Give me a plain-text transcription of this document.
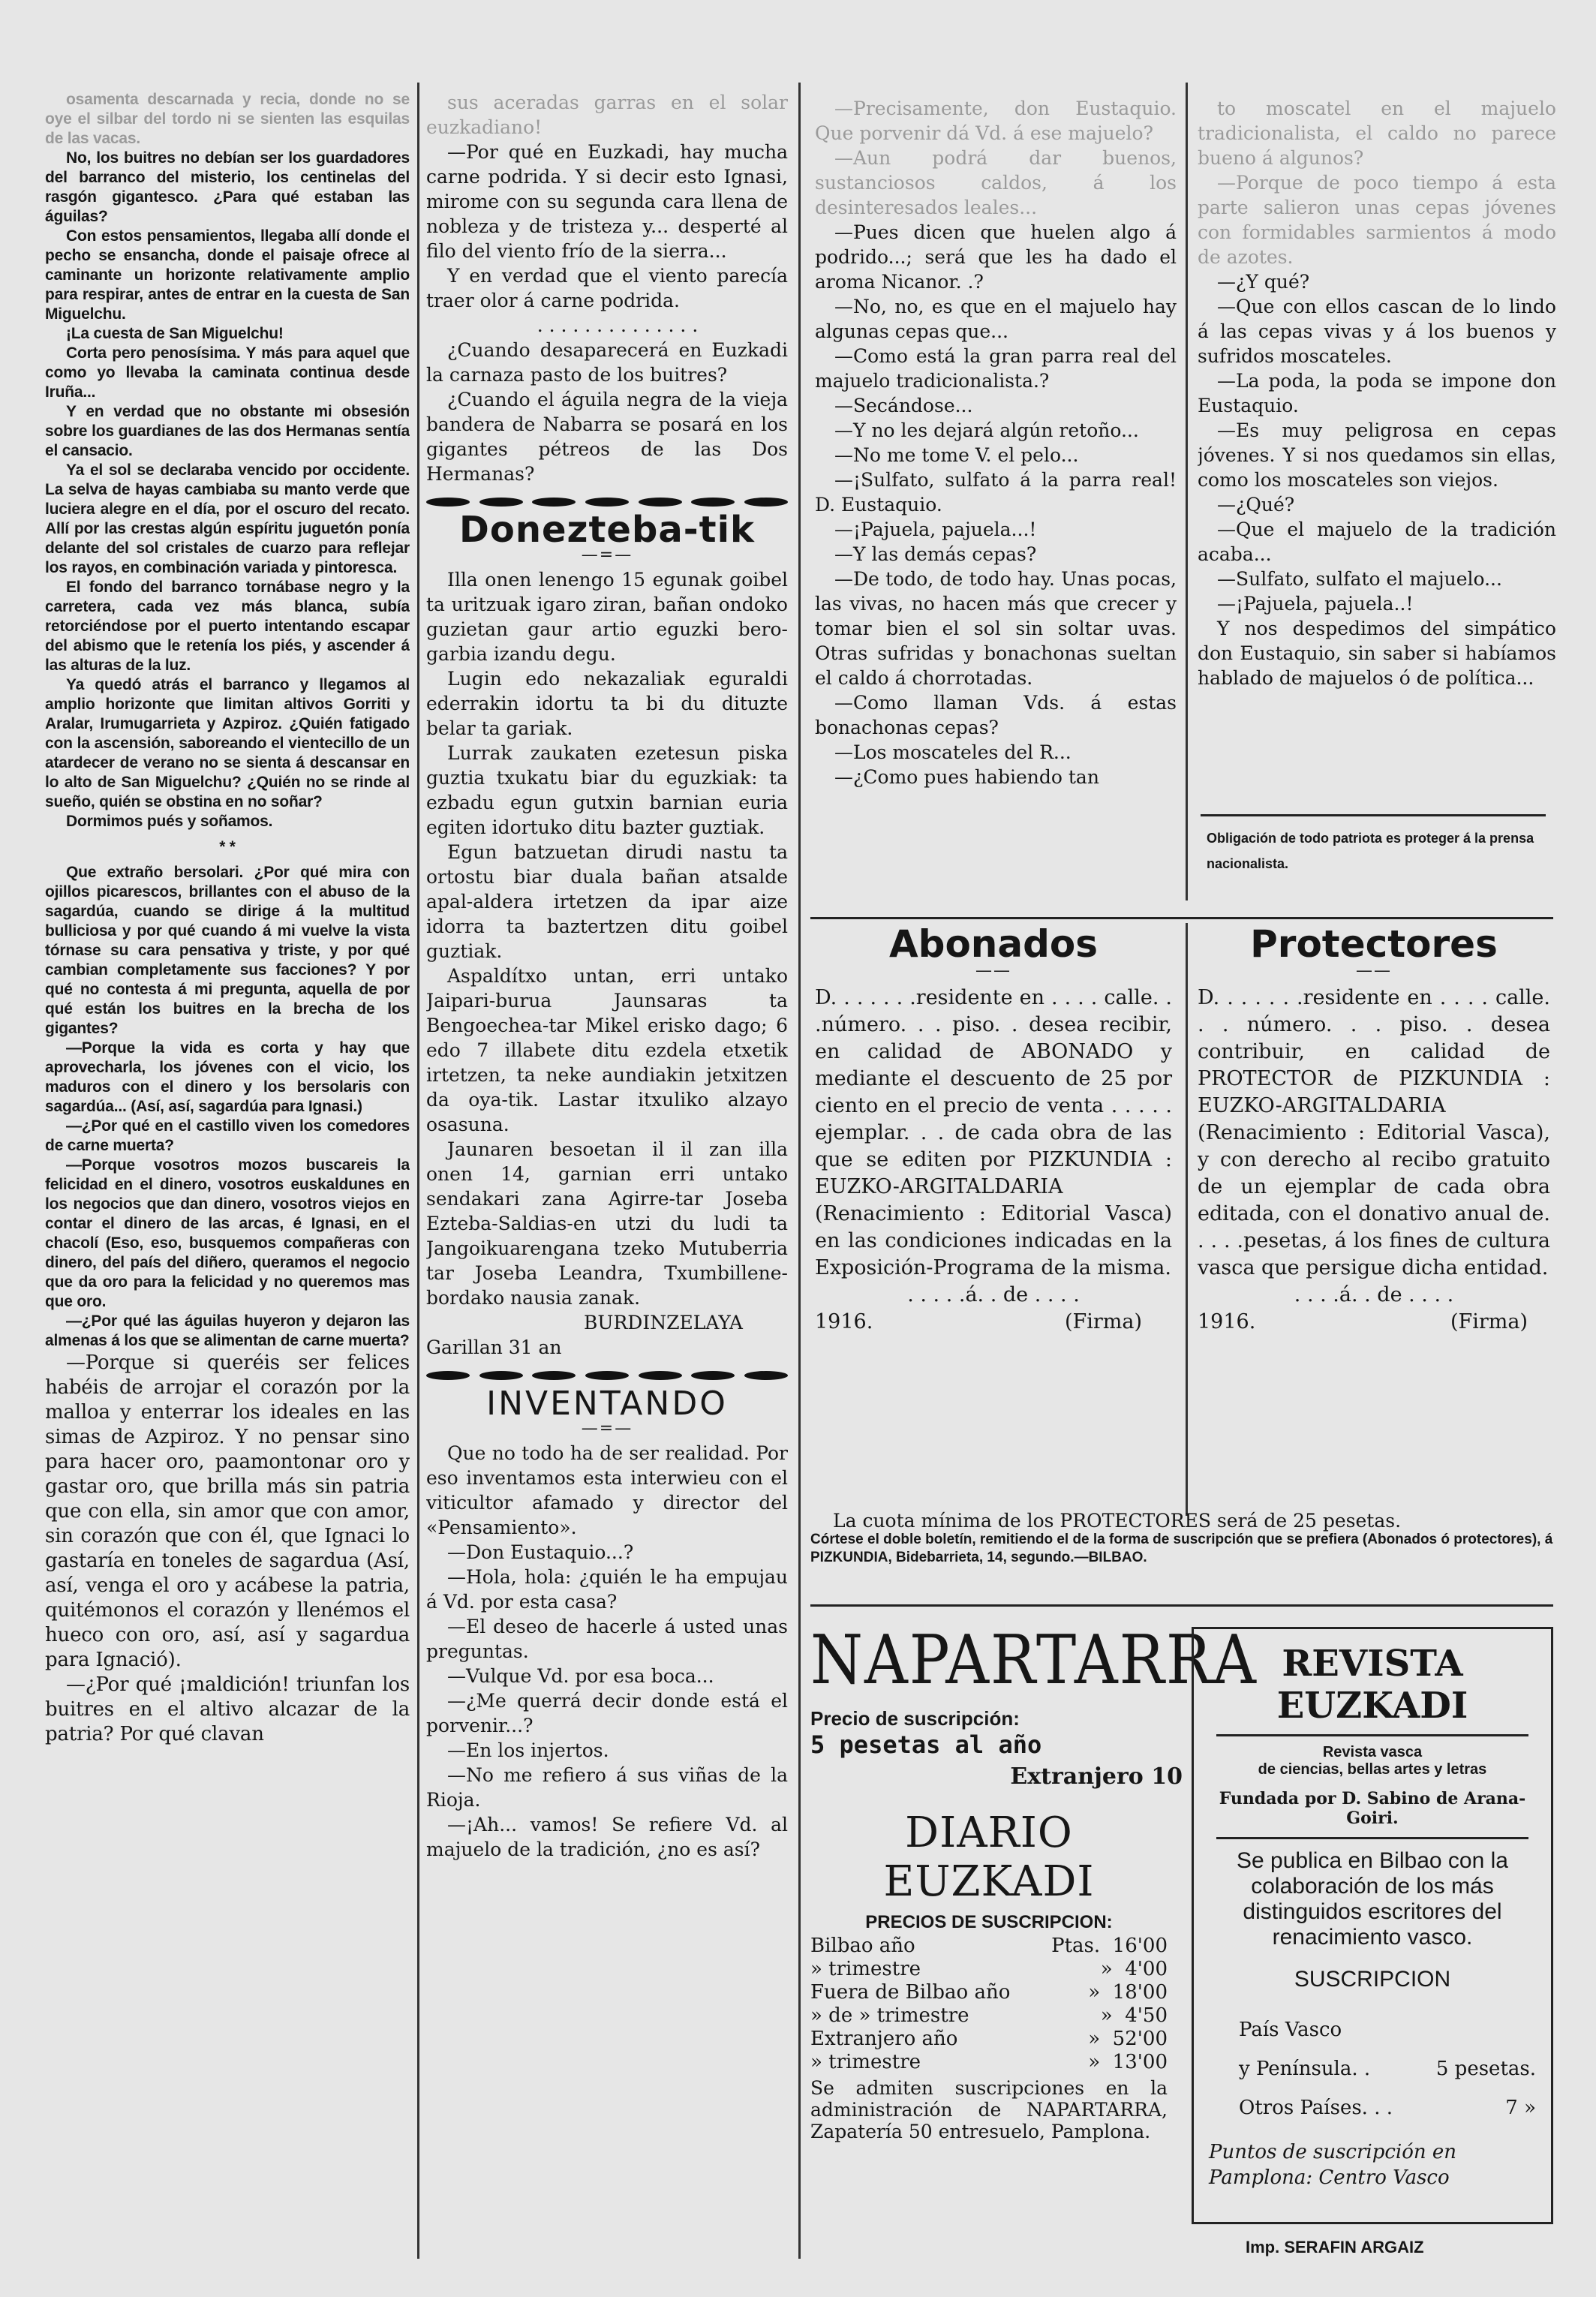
osamenta descarnada y recia, donde no se oye el silbar del tordo ni se sienten las esquilas de las vacas.

No, los buitres no debían ser los guardadores del barranco del misterio, los centinelas del rasgón gigantesco. ¿Para qué estaban las águilas?

Con estos pensamientos, llegaba allí donde el pecho se ensancha, donde el paisaje ofrece al caminante un horizonte relativamente amplio para respirar, antes de entrar en la cuesta de San Miguelchu.

¡La cuesta de San Miguelchu!

Corta pero penosísima. Y más para aquel que como yo llevaba la caminata continua desde Iruña...

Y en verdad que no obstante mi obsesión sobre los guardianes de las dos Hermanas sentía el cansacio.

Ya el sol se declaraba vencido por occidente. La selva de hayas cambiaba su manto verde que luciera alegre en el día, por el oscuro del recato. Allí por las crestas algún espíritu juguetón ponía delante del sol cristales de cuarzo para reflejar los rayos, en combinación variada y pintoresca.

El fondo del barranco tornábase negro y la carretera, cada vez más blanca, subía retorciéndose por el puerto intentando escapar del abismo que le retenía los piés, y ascender á las alturas de la luz.

Ya quedó atrás el barranco y llegamos al amplio horizonte que limitan altivos Gorriti y Aralar, Irumugarrieta y Azpiroz. ¿Quién fatigado con la ascensión, saboreando el vientecillo de un atardecer de verano no se sienta á descansar en lo alto de San Miguelchu? ¿Quién no se rinde al sueño, quién se obstina en no soñar?

Dormimos pués y soñamos.

* *

Que extraño bersolari. ¿Por qué mira con ojillos picarescos, brillantes con el abuso de la sagardúa, cuando se dirige á la multitud bulliciosa y por qué cuando á mi vuelve la vista tórnase su cara pensativa y triste, y por qué cambian completamente sus facciones? Y por qué no contesta á mi pregunta, aquella de por qué están los buitres en la brecha de los gigantes?

—Porque la vida es corta y hay que aprovecharla, los jóvenes con el vicio, los maduros con el dinero y los bersolaris con sagardúa... (Así, así, sagardúa para Ignasi.)

—¿Por qué en el castillo viven los comedores de carne muerta?

—Porque vosotros mozos buscareis la felicidad en el dinero, vosotros euskaldunes en los negocios que dan dinero, vosotros viejos en contar el dinero de las arcas, é Ignasi, en el chacolí (Eso, eso, busquemos compañeras con dinero, del país del diñero, queramos el negocio que da oro para la felicidad y no queremos mas que oro.

—¿Por qué las águilas huyeron y dejaron las almenas á los que se alimentan de carne muerta?

—Porque si queréis ser felices habéis de arrojar el corazón por la malloa y enterrar los ideales en las simas de Azpiroz. Y no pensar sino para hacer oro, paamontonar oro y gastar oro, que brilla más sin patria que con ella, sin amor que con amor, sin corazón que con él, que Ignaci lo gastaría en toneles de sagardua (Así, así, venga el oro y acábese la patria, quitémonos el corazón y llenémos el hueco con oro, así, así y sagardua para Ignació).

—¿Por qué ¡maldición! triunfan los buitres en el altivo alcazar de la patria? Por qué clavan

sus aceradas garras en el solar euzkadiano!

—Por qué en Euzkadi, hay mucha carne podrida. Y si decir esto Ignasi, mirome con su segunda cara llena de nobleza y de tristeza y... desperté al filo del viento frío de la sierra...

Y en verdad que el viento parecía traer olor á carne podrida.

. . . . . . . . . . . . . .

¿Cuando desaparecerá en Euzkadi la carnaza pasto de los buitres?

¿Cuando el águila negra de la vieja bandera de Nabarra se posará en los gigantes pétreos de las Dos Hermanas?

Donezteba-tik
—=—

Illa onen lenengo 15 egunak goibel ta uritzuak igaro ziran, bañan ondoko guzietan gaur artio eguzki bero-garbia izandu degu.

Lugin edo nekazaliak eguraldi ederrakin idortu ta bi du dituzte belar ta gariak.

Lurrak zaukaten ezetesun piska guztia txukatu biar du eguzkiak: ta ezbadu egun gutxin barnian euria egiten idortuko ditu bazter guztiak.

Egun batzuetan dirudi nastu ta ortostu biar duala bañan atsalde apal-aldera irtetzen da ipar aize idorra ta baztertzen ditu goibel guztiak.

Aspaldítxo untan, erri untako Jaipari-burua Jaunsaras ta Bengoechea-tar Mikel erisko dago; 6 edo 7 illabete ditu ezdela etxetik irtetzen, ta neke aundiakin jetxitzen da oya-tik. Lastar itxuliko alzayo osasuna.

Jaunaren besoetan il il zan illa onen 14, garnian erri untako sendakari zana Agirre-tar Joseba Ezteba-Saldias-en utzi du ludi ta Jangoikuarengana tzeko Mutuberria tar Joseba Leandra, Txumbillene-bordako nausia zanak.

BURDINZELAYA

Garillan 31 an

INVENTANDO
—=—

Que no todo ha de ser realidad. Por eso inventamos esta interwieu con el viticultor afamado y director del «Pensamiento».

—Don Eustaquio...?

—Hola, hola: ¿quién le ha empujau á Vd. por esta casa?

—El deseo de hacerle á usted unas preguntas.

—Vulque Vd. por esa boca...

—¿Me querrá decir donde está el porvenir...?

—En los injertos.

—No me refiero á sus viñas de la Rioja.

—¡Ah... vamos! Se refiere Vd. al majuelo de la tradición, ¿no es así?

—Precisamente, don Eustaquio. Que porvenir dá Vd. á ese majuelo?

—Aun podrá dar buenos, sustanciosos caldos, á los desinteresados leales...

—Pues dicen que huelen algo á podrido...; será que les ha dado el aroma Nicanor. .?

—No, no, es que en el majuelo hay algunas cepas que...

—Como está la gran parra real del majuelo tradicionalista.?

—Secándose...

—Y no les dejará algún retoño...

—No me tome V. el pelo...

—¡Sulfato, sulfato á la parra real! D. Eustaquio.

—¡Pajuela, pajuela...!

—Y las demás cepas?

—De todo, de todo hay. Unas pocas, las vivas, no hacen más que crecer y tomar bien el sol sin soltar uvas. Otras sufridas y bonachonas sueltan el caldo á chorrotadas.

—Como llaman Vds. á estas bonachonas cepas?

—Los moscateles del R...

—¿Como pues habiendo tan

to moscatel en el majuelo tradicionalista, el caldo no parece bueno á algunos?

—Porque de poco tiempo á esta parte salieron unas cepas jóvenes con formidables sarmientos á modo de azotes.

—¿Y qué?

—Que con ellos cascan de lo lindo á las cepas vivas y á los buenos y sufridos moscateles.

—La poda, la poda se impone don Eustaquio.

—Es muy peligrosa en cepas jóvenes. Y si nos quedamos sin ellas, como los moscateles son viejos.

—¿Qué?

—Que el majuelo de la tradición acaba...

—Sulfato, sulfato el majuelo...

—¡Pajuela, pajuela..!

Y nos despedimos del simpático don Eustaquio, sin saber si habíamos hablado de majuelos ó de política...

Obligación de todo patriota es proteger á la prensa nacionalista.
Abonados
——

D. . . . . . .residente en . . . . calle. . .número. . . piso. . desea recibir, en calidad de ABONADO y mediante el descuento de 25 por ciento en el precio de venta . . . . . ejemplar. . . de cada obra de las que se editen por PIZKUNDIA : EUZKO-ARGITALDARIA (Renacimiento : Editorial Vasca) en las condiciones indicadas en la Exposición-Programa de la misma.

. . . . .á. . de . . . .

1916.	(Firma)
Protectores
——

D. . . . . . .residente en . . . . calle. . . número. . . piso. . desea contribuir, en calidad de PROTECTOR de PIZKUNDIA : EUZKO-ARGITALDARIA (Renacimiento : Editorial Vasca), y con derecho al recibo gratuito de un ejemplar de cada obra editada, con el donativo anual de. . . . .pesetas, á los fines de cultura vasca que persigue dicha entidad.

. . . .á. . de . . . .

1916.	(Firma)
La cuota mínima de los PROTECTORES será de 25 pesetas.
Córtese el doble boletín, remitiendo el de la forma de suscripción que se prefiera (Abonados ó protectores), á PIZKUNDIA, Bidebarrieta, 14, segundo.—BILBAO.
NAPARTARRA
Precio de suscripción:
5 pesetas al año
Extranjero 10
DIARIO EUZKADI
PRECIOS DE SUSCRIPCION:
Bilbao año	Ptas. 16'00
» trimestre	» 4'00
Fuera de Bilbao año	» 18'00
» de » trimestre	» 4'50
Extranjero año	» 52'00
» trimestre	» 13'00
Se admiten suscripciones en la administración de NAPARTARRA, Zapatería 50 entresuelo, Pamplona.
REVISTA EUZKADI
Revista vasca
de ciencias, bellas artes y letras
Fundada por D. Sabino de Arana-Goiri.
Se publica en Bilbao con la colaboración de los más distinguidos escritores del renacimiento vasco.
SUSCRIPCION
País Vasco
y Península. .	5 pesetas.
Otros Países. . .	7 »
Puntos de suscripción en Pamplona: Centro Vasco
Imp. SERAFIN ARGAIZ
